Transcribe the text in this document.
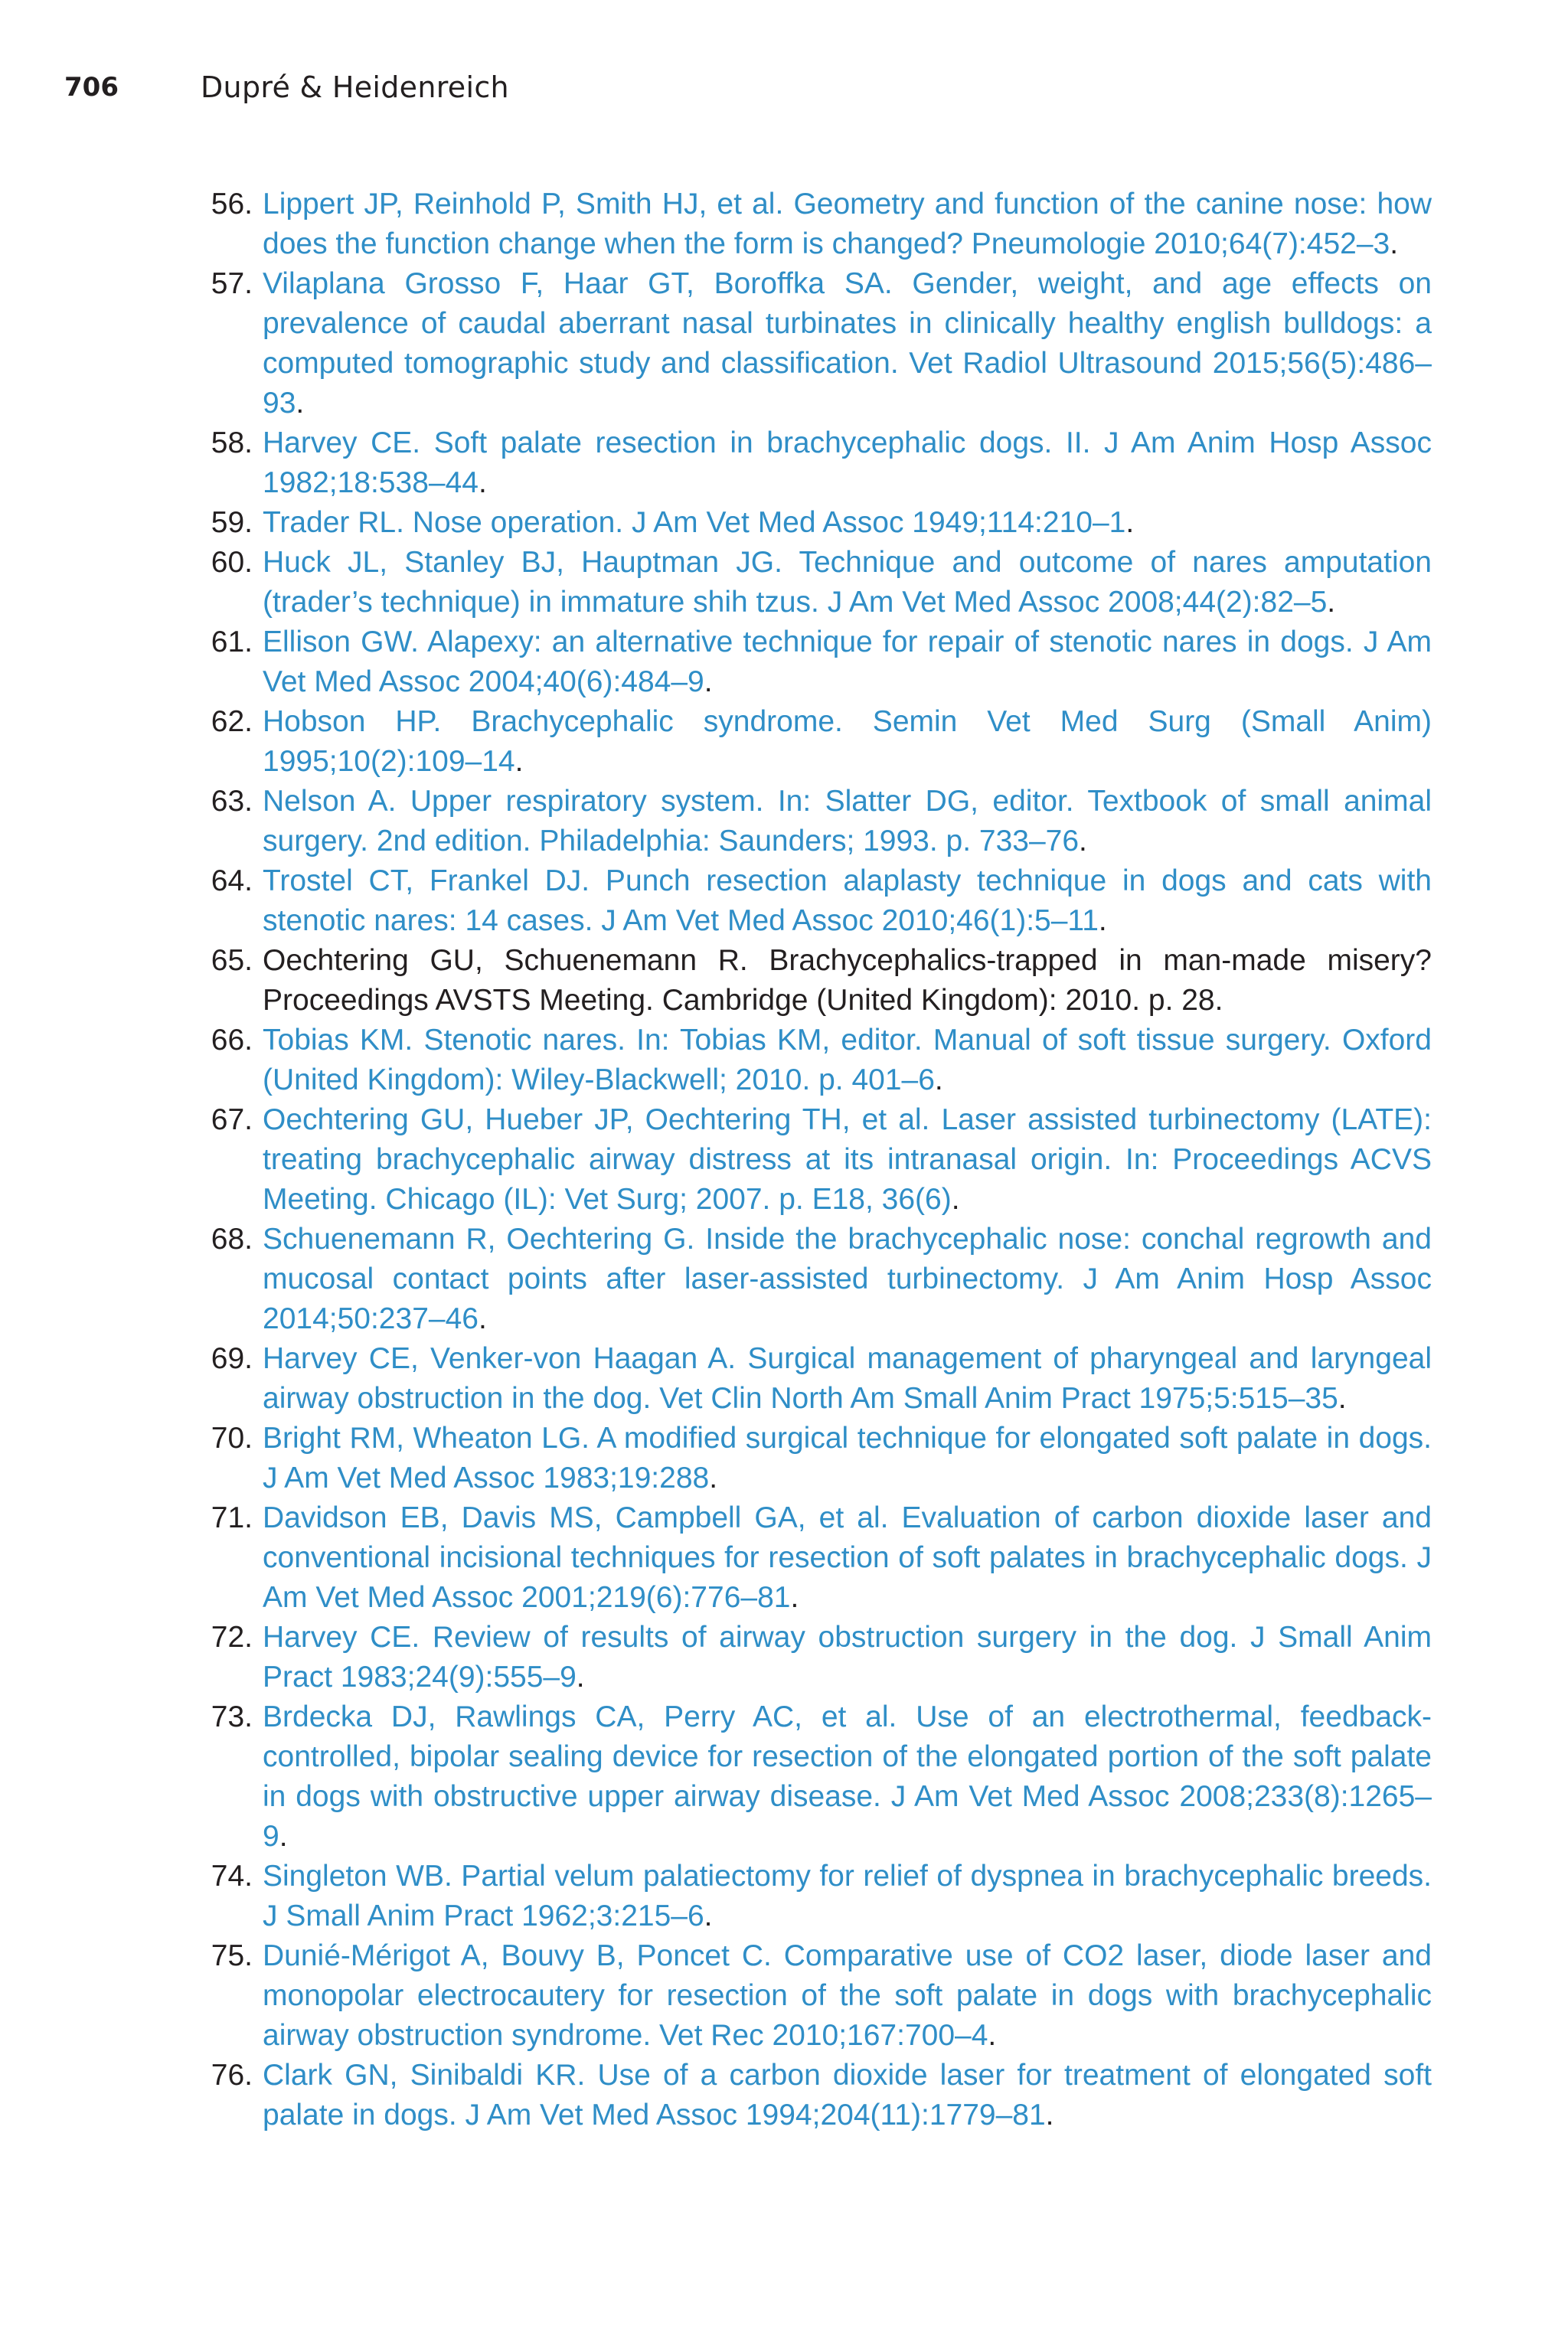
706	Dupré & Heidenreich
56. Lippert JP, Reinhold P, Smith HJ, et al. Geometry and function of the canine nose: how does the function change when the form is changed? Pneumologie 2010;64(7):452–3.
57. Vilaplana Grosso F, Haar GT, Boroffka SA. Gender, weight, and age effects on prevalence of caudal aberrant nasal turbinates in clinically healthy english bulldogs: a computed tomographic study and classification. Vet Radiol Ultrasound 2015;56(5):486–93.
58. Harvey CE. Soft palate resection in brachycephalic dogs. II. J Am Anim Hosp Assoc 1982;18:538–44.
59. Trader RL. Nose operation. J Am Vet Med Assoc 1949;114:210–1.
60. Huck JL, Stanley BJ, Hauptman JG. Technique and outcome of nares amputation (trader’s technique) in immature shih tzus. J Am Vet Med Assoc 2008;44(2):82–5.
61. Ellison GW. Alapexy: an alternative technique for repair of stenotic nares in dogs. J Am Vet Med Assoc 2004;40(6):484–9.
62. Hobson HP. Brachycephalic syndrome. Semin Vet Med Surg (Small Anim) 1995;10(2):109–14.
63. Nelson A. Upper respiratory system. In: Slatter DG, editor. Textbook of small animal surgery. 2nd edition. Philadelphia: Saunders; 1993. p. 733–76.
64. Trostel CT, Frankel DJ. Punch resection alaplasty technique in dogs and cats with stenotic nares: 14 cases. J Am Vet Med Assoc 2010;46(1):5–11.
65. Oechtering GU, Schuenemann R. Brachycephalics-trapped in man-made misery? Proceedings AVSTS Meeting. Cambridge (United Kingdom): 2010. p. 28.
66. Tobias KM. Stenotic nares. In: Tobias KM, editor. Manual of soft tissue surgery. Oxford (United Kingdom): Wiley-Blackwell; 2010. p. 401–6.
67. Oechtering GU, Hueber JP, Oechtering TH, et al. Laser assisted turbinectomy (LATE): treating brachycephalic airway distress at its intranasal origin. In: Proceedings ACVS Meeting. Chicago (IL): Vet Surg; 2007. p. E18, 36(6).
68. Schuenemann R, Oechtering G. Inside the brachycephalic nose: conchal regrowth and mucosal contact points after laser-assisted turbinectomy. J Am Anim Hosp Assoc 2014;50:237–46.
69. Harvey CE, Venker-von Haagan A. Surgical management of pharyngeal and laryngeal airway obstruction in the dog. Vet Clin North Am Small Anim Pract 1975;5:515–35.
70. Bright RM, Wheaton LG. A modified surgical technique for elongated soft palate in dogs. J Am Vet Med Assoc 1983;19:288.
71. Davidson EB, Davis MS, Campbell GA, et al. Evaluation of carbon dioxide laser and conventional incisional techniques for resection of soft palates in brachycephalic dogs. J Am Vet Med Assoc 2001;219(6):776–81.
72. Harvey CE. Review of results of airway obstruction surgery in the dog. J Small Anim Pract 1983;24(9):555–9.
73. Brdecka DJ, Rawlings CA, Perry AC, et al. Use of an electrothermal, feedback-controlled, bipolar sealing device for resection of the elongated portion of the soft palate in dogs with obstructive upper airway disease. J Am Vet Med Assoc 2008;233(8):1265–9.
74. Singleton WB. Partial velum palatiectomy for relief of dyspnea in brachycephalic breeds. J Small Anim Pract 1962;3:215–6.
75. Dunié-Mérigot A, Bouvy B, Poncet C. Comparative use of CO2 laser, diode laser and monopolar electrocautery for resection of the soft palate in dogs with brachycephalic airway obstruction syndrome. Vet Rec 2010;167:700–4.
76. Clark GN, Sinibaldi KR. Use of a carbon dioxide laser for treatment of elongated soft palate in dogs. J Am Vet Med Assoc 1994;204(11):1779–81.
